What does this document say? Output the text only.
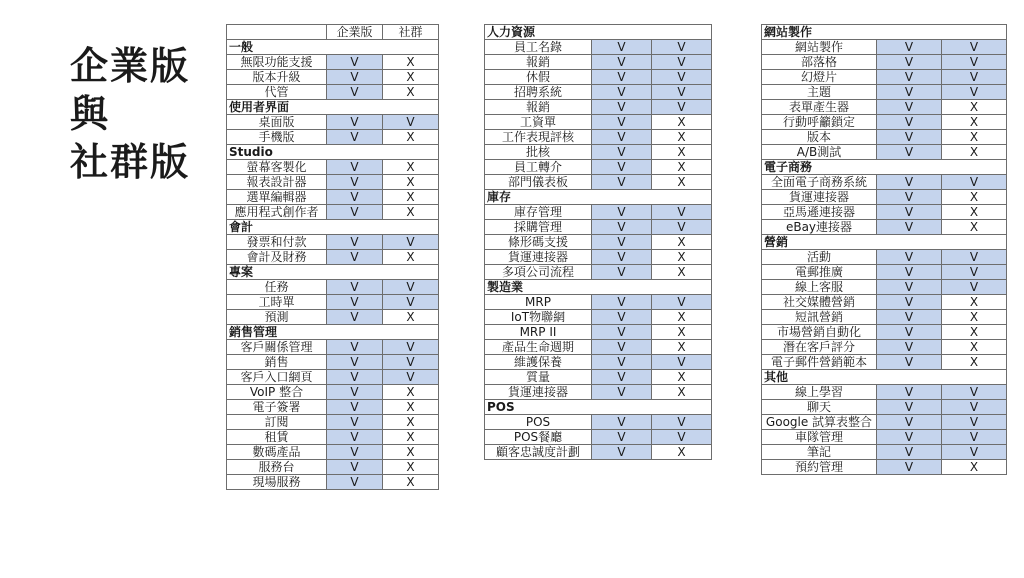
企業版
與
社群版
	企業版	社群
一般		
無限功能支援	V	X
版本升級	V	X
代管	V	X
使用者界面		
桌面版	V	V
手機版	V	X
Studio		
螢幕客製化	V	X
報表設計器	V	X
選單編輯器	V	X
應用程式創作者	V	X
會計		
發票和付款	V	V
會計及財務	V	X
專案		
任務	V	V
工時單	V	V
預測	V	X
銷售管理		
客戶關係管理	V	V
銷售	V	V
客戶入口網頁	V	V
VoIP 整合	V	X
電子簽署	V	X
訂閱	V	X
租賃	V	X
數碼產品	V	X
服務台	V	X
現場服務	V	X
人力資源		
員工名錄	V	V
報銷	V	V
休假	V	V
招聘系統	V	V
報銷	V	V
工資單	V	X
工作表現評核	V	X
批核	V	X
員工轉介	V	X
部門儀表板	V	X
庫存		
庫存管理	V	V
採購管理	V	V
條形碼支援	V	X
貨運連接器	V	X
多項公司流程	V	X
製造業		
MRP	V	V
IoT物聯網	V	X
MRP II	V	X
產品生命週期	V	X
維護保養	V	V
質量	V	X
貨運連接器	V	X
POS		
POS	V	V
POS餐廳	V	V
顧客忠誠度計劃	V	X
網站製作		
網站製作	V	V
部落格	V	V
幻燈片	V	V
主題	V	V
表單產生器	V	X
行動呼籲鎖定	V	X
版本	V	X
A/B測試	V	X
電子商務		
全面電子商務系統	V	V
貨運連接器	V	X
亞馬遜連接器	V	X
eBay連接器	V	X
營銷		
活動	V	V
電郵推廣	V	V
線上客服	V	V
社交媒體營銷	V	X
短訊營銷	V	X
市場營銷自動化	V	X
潛在客戶評分	V	X
電子郵件營銷範本	V	X
其他		
線上學習	V	V
聊天	V	V
Google 試算表整合	V	V
車隊管理	V	V
筆記	V	V
預約管理	V	X
